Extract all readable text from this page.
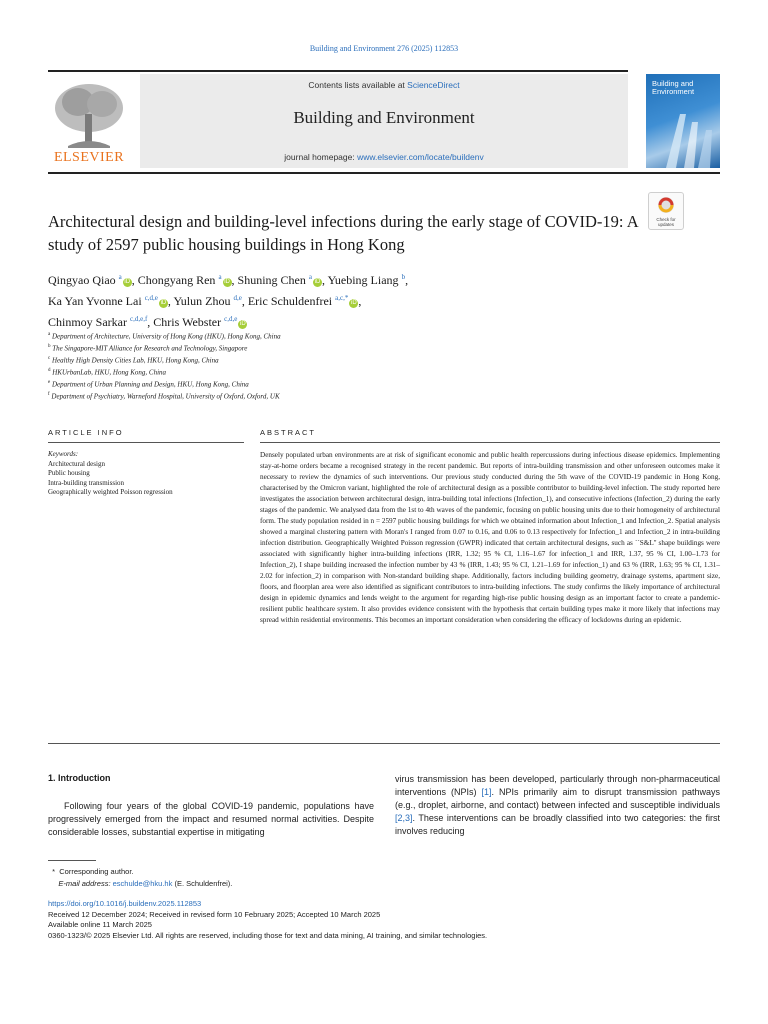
Building and Environment 276 (2025) 112853
ELSEVIER
Contents lists available at ScienceDirect
Building and Environment
journal homepage: www.elsevier.com/locate/buildenv
Building and
Environment
Architectural design and building-level infections during the early stage of COVID-19: A study of 2597 public housing buildings in Hong Kong
Check for
updates
Qingyao Qiao $^a$iD , Chongyang Ren $^a$iD , Shuning Chen $^a$iD , Yuebing Liang $^b$,
Ka Yan Yvonne Lai $^{c,d,e}$iD , Yulun Zhou $^{d,e}$, Eric Schuldenfrei $^{a,c,*}$iD ,
Chinmoy Sarkar $^{c,d,e,f}$, Chris Webster $^{c,d,e}$iD
$^a$ Department of Architecture, University of Hong Kong (HKU), Hong Kong, China
$^b$ The Singapore-MIT Alliance for Research and Technology, Singapore
$^c$ Healthy High Density Cities Lab, HKU, Hong Kong, China
$^d$ HKUrbanLab, HKU, Hong Kong, China
$^e$ Department of Urban Planning and Design, HKU, Hong Kong, China
$^f$ Department of Psychiatry, Warneford Hospital, University of Oxford, Oxford, UK
ARTICLE INFO	ABSTRACT
Keywords:
Architectural design
Public housing
Intra-building transmission
Geographically weighted Poisson regression
Densely populated urban environments are at risk of significant economic and public health repercussions during infectious disease epidemics. Implementing stay-at-home orders became a recognised strategy in the recent pandemic. But reports of intra-building transmission and other unforeseen outcomes make it necessary to review the dynamics of such interventions. Our previous study conducted during the 5th wave of the COVID-19 pandemic in Hong Kong, characterised by the Omicron variant, highlighted the role of architectural design as a possible contributor to building-level infection. The study reported here investigates the association between architectural design, intra-building total infections (Infection_1), and consecutive infections (Infection_2) during the early stages of the pandemic. We analysed data from the 1st to 4th waves of the pandemic, focusing on public housing units due to their homogeneity of architectural form. The study population resided in n = 2597 public housing buildings for which we obtained information about Infection_1 and Infection_2. Spatial analysis showed a marginal clustering pattern with Moran's I ranged from 0.07 to 0.16, and 0.06 to 0.13 respectively for Infection_1 and Infection_2 in intra-building infection distribution. Geographically Weighted Poisson regression (GWPR) indicated that certain architectural designs, such as ``S&L'' shape buildings were associated with significantly higher intra-building infections (IRR, 1.32; 95 % CI, 1.16–1.67 for infection_1 and IRR, 1.37, 95 % CI, 1.00–1.73 for Infection_2), I shape building increased the infection number by 43 % (IRR, 1.43; 95 % CI, 1.21–1.69 for infection_1) and 63 % (IRR, 1.63; 95 % CI, 1.31–2.02 for infection_2) in comparison with Non-standard building shape. Additionally, factors including building geometry, drainage systems, apartment size, floors, and floorplan area were also identified as significant contributors to intra-building infections. The study confirms the likely importance of architectural design in epidemic dynamics and lends weight to the argument for regarding high-rise public housing design as an important factor to create a pandemic-resilient public healthcare system. It also provides evidence consistent with the hypothesis that certain building types make it more likely that infections may spread within residential environments. This becomes an important consideration when considering the efficacy of lockdowns during an epidemic.
1. Introduction
Following four years of the global COVID-19 pandemic, populations have progressively emerged from the impact and resumed normal activities. Despite considerable losses, substantial expertise in mitigating
virus transmission has been developed, particularly through non-pharmaceutical interventions (NPIs) [1]. NPIs primarily aim to disrupt transmission pathways (e.g., droplet, airborne, and contact) between infected and susceptible individuals [2,3]. These interventions can be broadly classified into two categories: the first involves reducing
*  Corresponding author.
E-mail address: eschulde@hku.hk (E. Schuldenfrei).
https://doi.org/10.1016/j.buildenv.2025.112853
Received 12 December 2024; Received in revised form 10 February 2025; Accepted 10 March 2025
Available online 11 March 2025
0360-1323/© 2025 Elsevier Ltd. All rights are reserved, including those for text and data mining, AI training, and similar technologies.
